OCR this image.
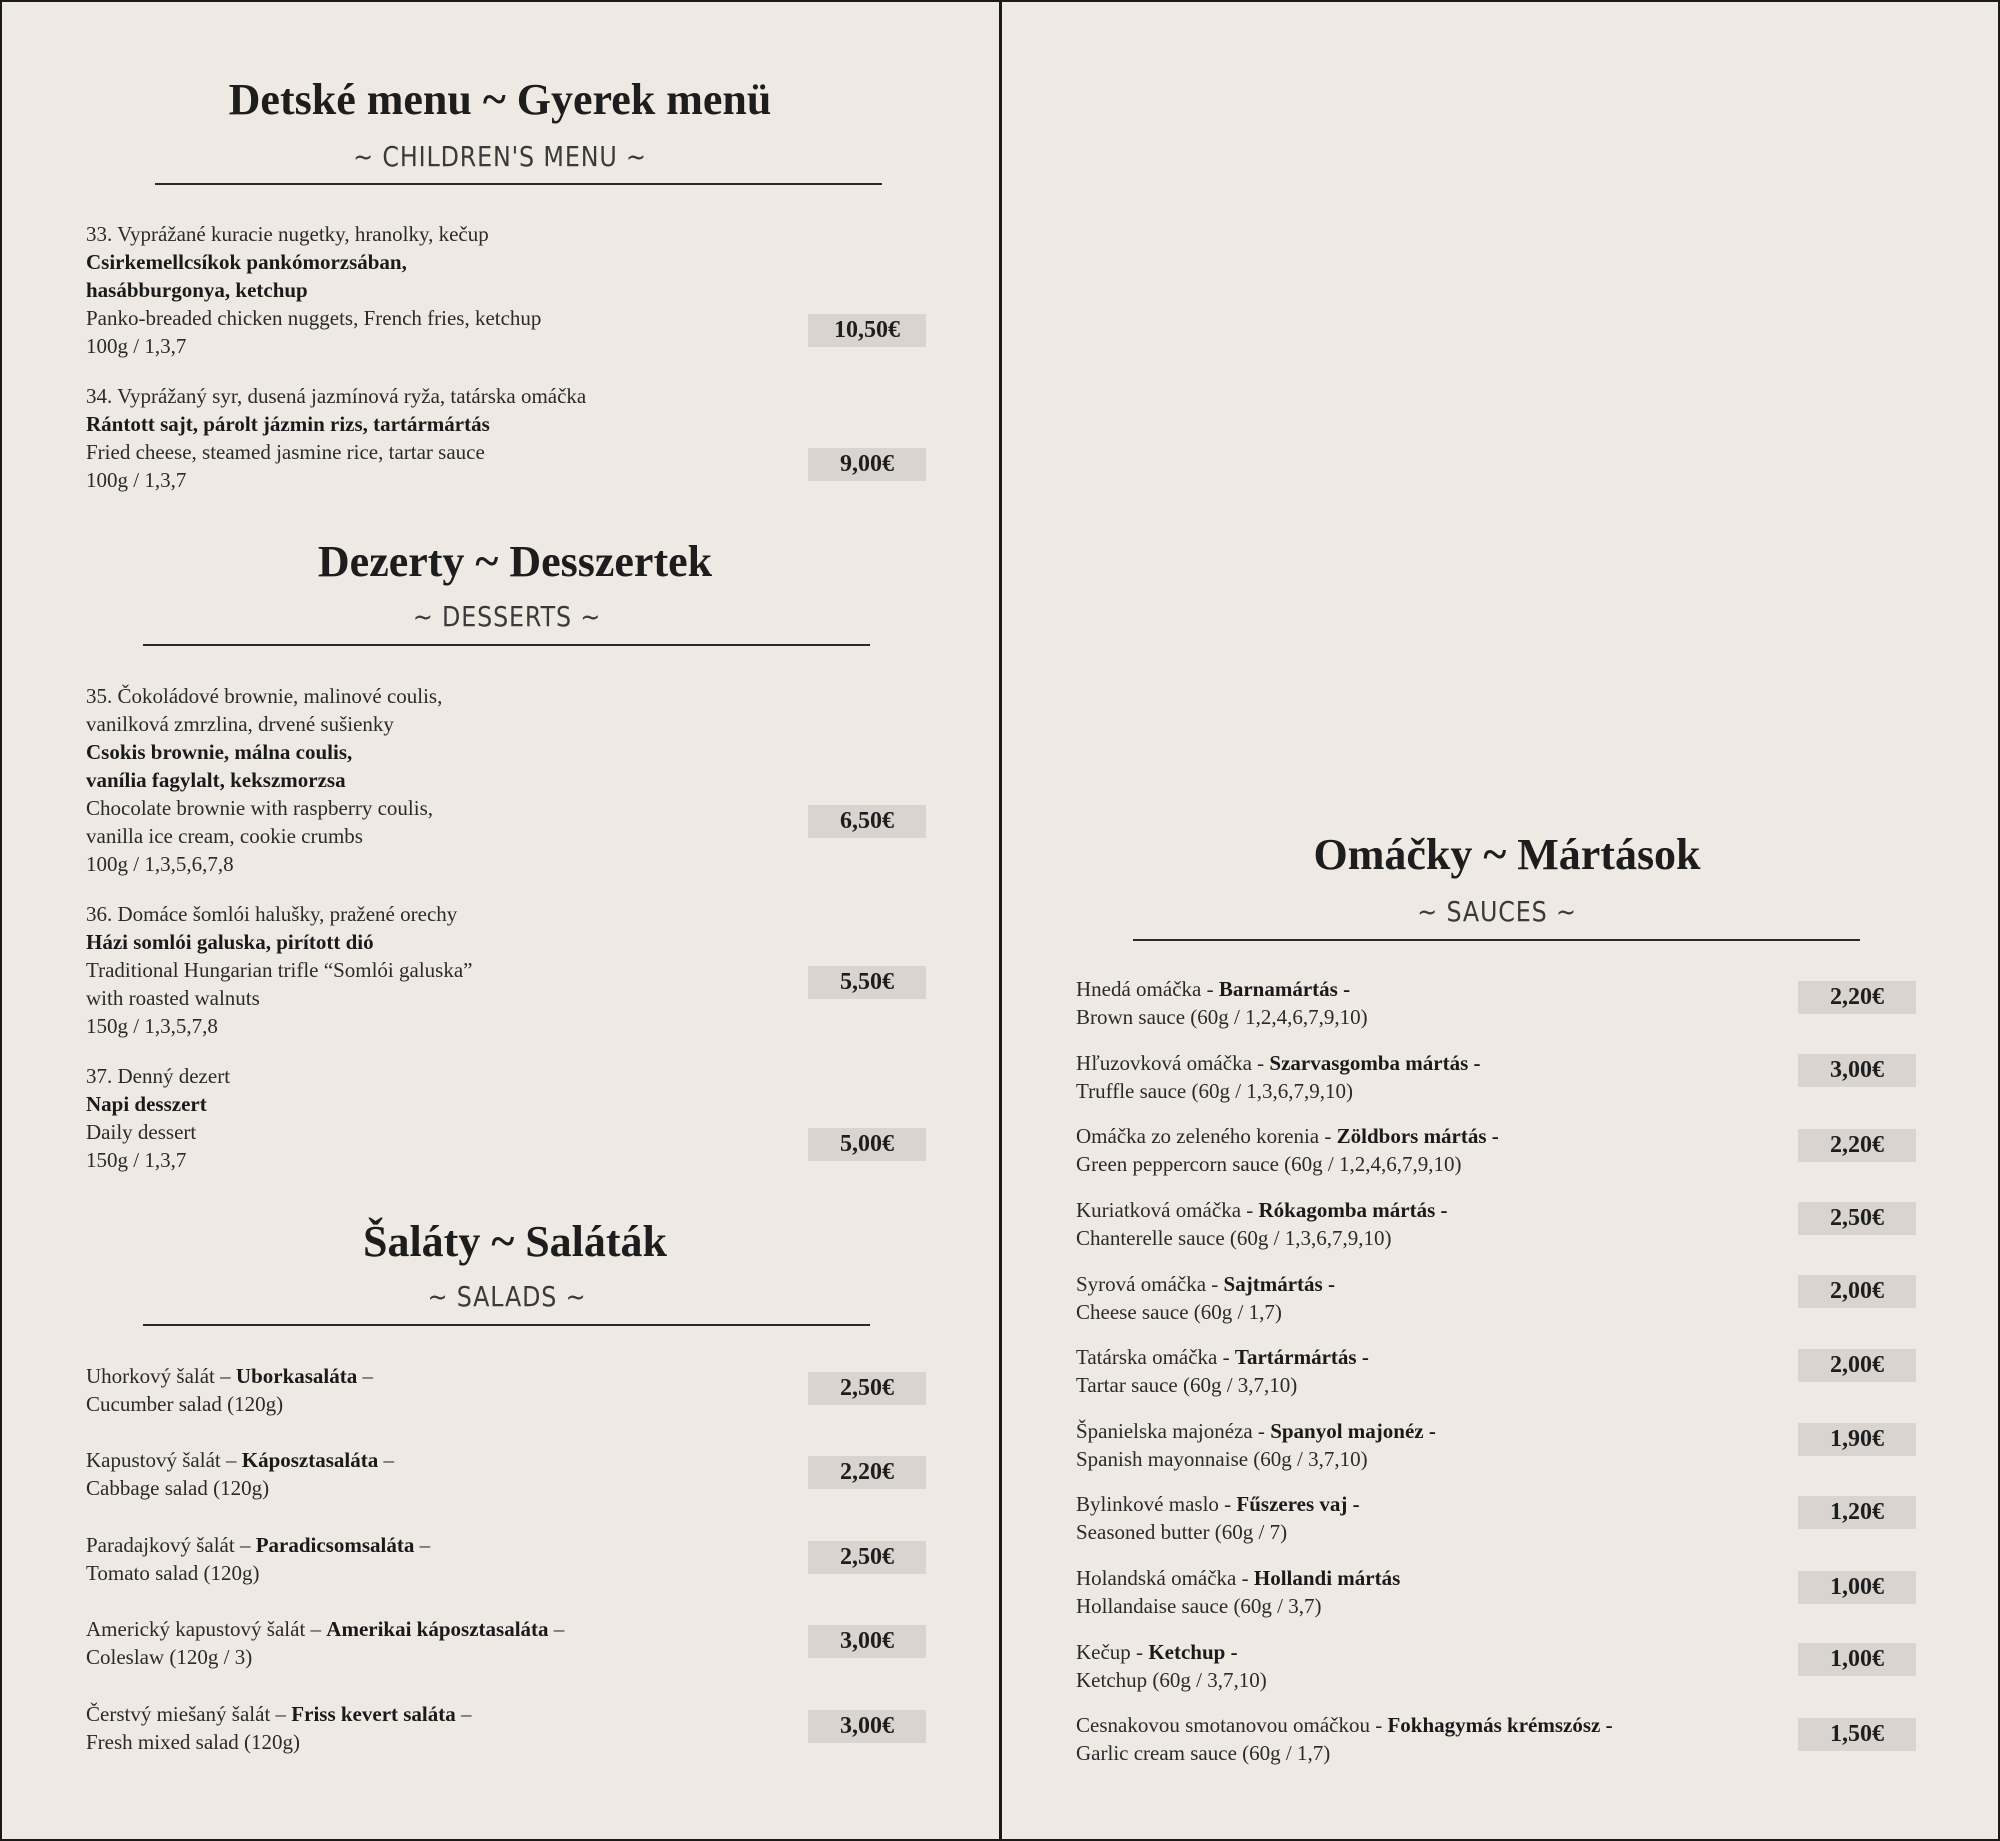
Detské menu ~ Gyerek menü
~ CHILDREN'S MENU ~
33. Vyprážané kuracie nugetky, hranolky, kečup
Csirkemellcsíkok pankómorzsában,
hasábburgonya, ketchup
Panko-breaded chicken nuggets, French fries, ketchup
100g / 1,3,7
10,50€
34. Vyprážaný syr, dusená jazmínová ryža, tatárska omáčka
Rántott sajt, párolt jázmin rizs, tartármártás
Fried cheese, steamed jasmine rice, tartar sauce
100g / 1,3,7
9,00€
Dezerty ~ Desszertek
~ DESSERTS ~
35. Čokoládové brownie, malinové coulis,
vanilková zmrzlina, drvené sušienky
Csokis brownie, málna coulis,
vanília fagylalt, kekszmorzsa
Chocolate brownie with raspberry coulis,
vanilla ice cream, cookie crumbs
100g / 1,3,5,6,7,8
6,50€
36. Domáce šomlói halušky, pražené orechy
Házi somlói galuska, pirított dió
Traditional Hungarian trifle “Somlói galuska”
with roasted walnuts
150g / 1,3,5,7,8
5,50€
37. Denný dezert
Napi desszert
Daily dessert
150g / 1,3,7
5,00€
Šaláty ~ Saláták
~ SALADS ~
Uhorkový šalát – Uborkasaláta –
Cucumber salad (120g)
2,50€
Kapustový šalát – Káposztasaláta –
Cabbage salad (120g)
2,20€
Paradajkový šalát – Paradicsomsaláta –
Tomato salad (120g)
2,50€
Americký kapustový šalát – Amerikai káposztasaláta –
Coleslaw (120g / 3)
3,00€
Čerstvý miešaný šalát – Friss kevert saláta –
Fresh mixed salad (120g)
3,00€
Omáčky ~ Mártások
~ SAUCES ~
Hnedá omáčka - Barnamártás -
Brown sauce (60g / 1,2,4,6,7,9,10)
2,20€
Hľuzovková omáčka - Szarvasgomba mártás -
Truffle sauce (60g / 1,3,6,7,9,10)
3,00€
Omáčka zo zeleného korenia - Zöldbors mártás -
Green peppercorn sauce (60g / 1,2,4,6,7,9,10)
2,20€
Kuriatková omáčka - Rókagomba mártás -
Chanterelle sauce (60g / 1,3,6,7,9,10)
2,50€
Syrová omáčka - Sajtmártás -
Cheese sauce (60g / 1,7)
2,00€
Tatárska omáčka - Tartármártás -
Tartar sauce (60g / 3,7,10)
2,00€
Španielska majonéza - Spanyol majonéz -
Spanish mayonnaise (60g / 3,7,10)
1,90€
Bylinkové maslo - Fűszeres vaj -
Seasoned butter (60g / 7)
1,20€
Holandská omáčka - Hollandi mártás
Hollandaise sauce (60g / 3,7)
1,00€
Kečup - Ketchup -
Ketchup (60g / 3,7,10)
1,00€
Cesnakovou smotanovou omáčkou - Fokhagymás krémszósz -
Garlic cream sauce (60g / 1,7)
1,50€
